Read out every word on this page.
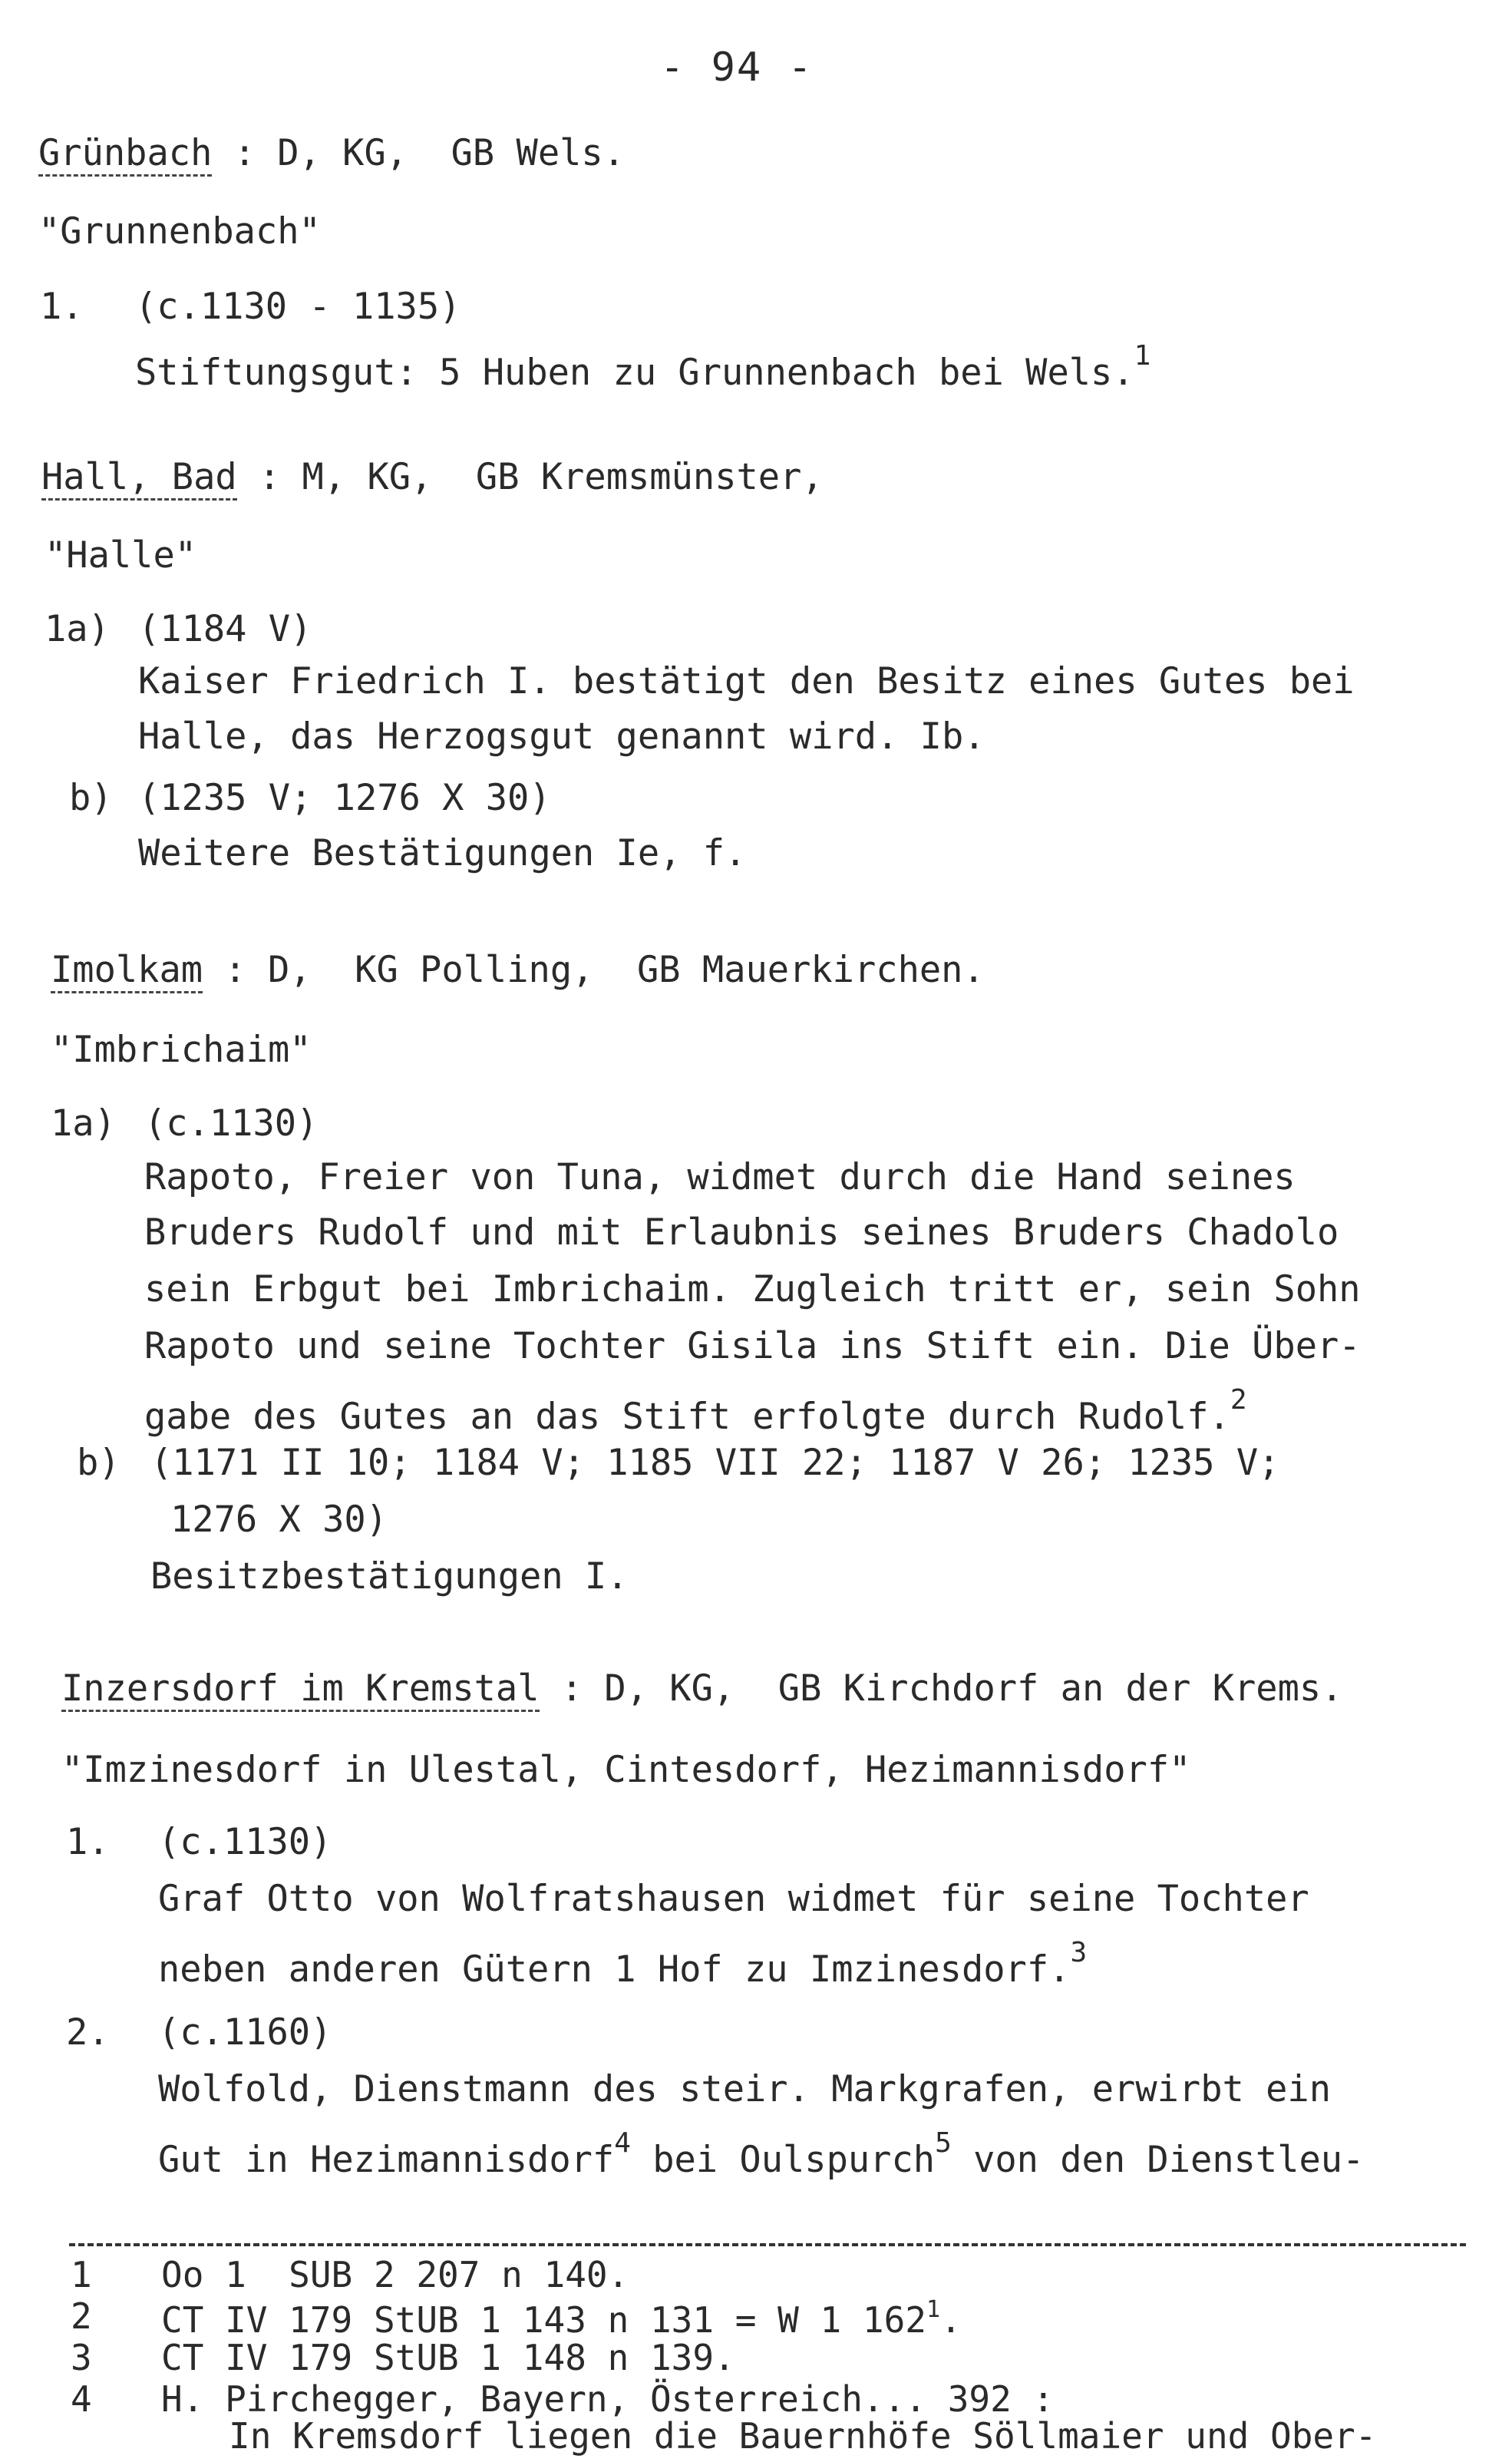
- 94 -
Grünbach : D, KG,  GB Wels.
"Grunnenbach"
1. (c.1130 - 1135)
Stiftungsgut: 5 Huben zu Grunnenbach bei Wels.$^1$
Hall, Bad : M, KG,  GB Kremsmünster,
"Halle"
1a) (1184 V)
Kaiser Friedrich I. bestätigt den Besitz eines Gutes bei
Halle, das Herzogsgut genannt wird. Ib.
b) (1235 V; 1276 X 30)
Weitere Bestätigungen Ie, f.
Imolkam : D,  KG Polling,  GB Mauerkirchen.
"Imbrichaim"
1a) (c.1130)
Rapoto, Freier von Tuna, widmet durch die Hand seines
Bruders Rudolf und mit Erlaubnis seines Bruders Chadolo
sein Erbgut bei Imbrichaim. Zugleich tritt er, sein Sohn
Rapoto und seine Tochter Gisila ins Stift ein. Die Über-
gabe des Gutes an das Stift erfolgte durch Rudolf.$^2$
b) (1171 II 10; 1184 V; 1185 VII 22; 1187 V 26; 1235 V;
1276 X 30)
Besitzbestätigungen I.
Inzersdorf im Kremstal : D, KG,  GB Kirchdorf an der Krems.
"Imzinesdorf in Ulestal, Cintesdorf, Hezimannisdorf"
1. (c.1130)
Graf Otto von Wolfratshausen widmet für seine Tochter
neben anderen Gütern 1 Hof zu Imzinesdorf.$^3$
2. (c.1160)
Wolfold, Dienstmann des steir. Markgrafen, erwirbt ein
Gut in Hezimannisdorf$^4$ bei Oulspurch$^5$ von den Dienstleu-
1 Oo 1  SUB 2 207 n 140.
2 CT IV 179 StUB 1 143 n 131 = W 1 162$^1$.
3 CT IV 179 StUB 1 148 n 139.
4 H. Pirchegger, Bayern, Österreich... 392 :
In Kremsdorf liegen die Bauernhöfe Söllmaier und Ober-
